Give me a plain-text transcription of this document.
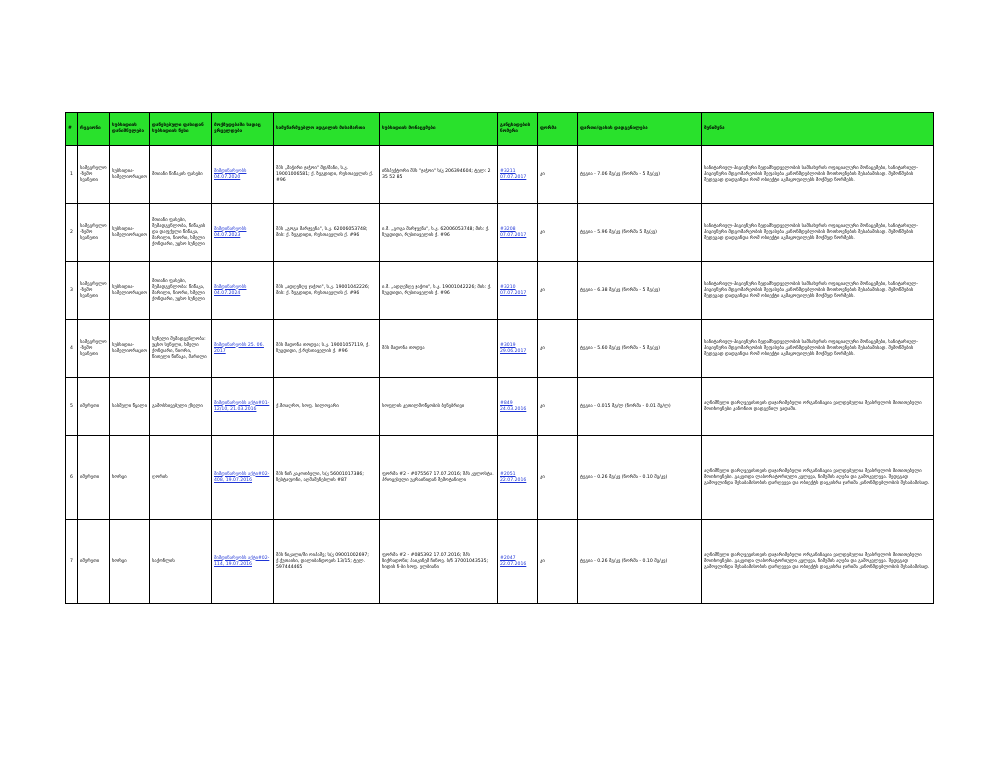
#	რეგიონი	სუბსიდიის დანიშნულება	დაწესებული ფასიდან სუბსიდიის წესი	მოქმედებაში სადაც ვრცელდება	სამეწარმეებლო ადგილის მისამართი	სუბსიდიის მონაცემები	განცხადების ნომერი	ფორმა	ფართი/ფასის დადგენილება	შენიშვნა
1	სამეგრელო-ზემო სვანეთი	სუბსიდია- სამელიორაციო	მთიანი წიწაკის ფასები	მიმდინარეობს 04.07.2020	შპს „მაჭირი ჯაჭოი" მდ/მანი, ს.კ. 19001006581; ქ. ზუგდიდი, რუსთაველის ქ. #96	ინსპექტორი შპს "ჯაჭოი" ს/კ 206394604; ტელ: 2 35 52 85	#3211 07.07.2017	კი	ტეგია - 7.06 მგ/კვ (ნორმა - 5 მგ/კვ)	სანიტარიულ-ჰიგიენური ზედამხედველობის სამსახურის ოფიციალური მონაცემები, სანიტარიულ-ჰიგიენური მდგომარეობის შეფასება კანონმდებლობის მოთხოვნების შესაბამისად. შემოწმების შედეგად დადგინდა რომ ობიექტი აკმაყოფილებს მოქმედ ნორმებს.
2	სამეგრელო-ზემო სვანეთი	სუბსიდია- სამელიორაციო	მთიანი ფასები, შემადგენლობა, წიწაკის და დაფქული წიწაკა, მარილი, ნიორი, ხმელი ქონდარი, უცხო სუნელი	მიმდინარეობს 04.07.2023	შპს „გოგა მარჯვენა", ს.კ. 62006053748; მის: ქ. ზუგდიდი, რუსთაველის ქ. #96	ი.მ. „გოგა მარჯვენა", ს.კ. 62006053748; მის: ქ. ზუგდიდი, რუსთაველის ქ. #96	#3208 07.07.2017	კი	ტეგია - 5.96 მგ/კვ (ნორმა 5 მგ/კვ)	სანიტარიულ-ჰიგიენური ზედამხედველობის სამსახურის ოფიციალური მონაცემები, სანიტარიულ-ჰიგიენური მდგომარეობის შეფასება კანონმდებლობის მოთხოვნების შესაბამისად. შემოწმების შედეგად დადგინდა რომ ობიექტი აკმაყოფილებს მოქმედ ნორმებს.
3	სამეგრელო-ზემო სვანეთი	სუბსიდია- სამელიორაციო	მთიანი ფასები, შემადგენლობა: წიწაკა, მარილი, ნიორი, ხმელი ქონდარი, უცხო სუნელი	მიმდინარეობს 04.07.2024	შპს „ადღეზღე ჯაჭოი", ს.კ. 19001042226; მის: ქ. ზუგდიდი, რუსთაველის ქ. #96	ი.მ. „ადღეზღე ჯაჭოი", ს.კ. 19001042226; მის: ქ. ზუგდიდი, რუსთაველის ქ. #96	#3210 07.07.2017	კი	ტეგია - 6.38 მგ/კვ (ნორმა - 5 მგ/კვ)	სანიტარიულ-ჰიგიენური ზედამხედველობის სამსახურის ოფიციალური მონაცემები, სანიტარიულ-ჰიგიენური მდგომარეობის შეფასება კანონმდებლობის მოთხოვნების შესაბამისად. შემოწმების შედეგად დადგინდა რომ ობიექტი აკმაყოფილებს მოქმედ ნორმებს.
4	სამეგრელო-ზემო სვანეთი	სუბსიდია- სამელიორაციო	სუნელი შემადგენლობა: უცხო სუნელი, ხმელი ქონდარი, ნიორი, წითელი წიწაკა, მარილი	მიმდინარეობს 25. 06. 2017	შპს მადონა თოდუა; ს.კ. 19001057119, ქ. ზუგდიდი, ქ.რუსთაველის ქ. #96	შპს მადონა თოდუა	#3019 29.06.2017	კი	ტეგია - 5.60 მგ/კვ (ნორმა - 5 მგ/კვ)	სანიტარიულ-ჰიგიენური ზედამხედველობის სამსახურის ოფიციალური მონაცემები, სანიტარიულ-ჰიგიენური მდგომარეობის შეფასება კანონმდებლობის მოთხოვნების შესაბამისად. შემოწმების შედეგად დადგინდა რომ ობიექტი აკმაყოფილებს მოქმედ ნორმებს.
5	იმერეთი	სასმელი წყალი	გამოსხივებული ქსელი	მიმდინარეობს აქტი#01-12/10, 21.03.2016	ქ.მთაღრო, სოფ. სილოვარი	სოფლის კეთილმოწყობის ბუნებრივი	#849 24.03.2016	კი	ტეგია - 0.015 მგ/ლ (ნორმა - 0.01 მგ/ლ)	აღნიშნული დარღვევისთვის დაჯარიმებული ორგანიზაცია ვალდებულია შეასრულოს მითითებული მოთხოვნები კანონით დადგენილ ვადაში.
6	იმერეთი	ხორცი	ღორის	მიმდინარეობს აქტი#02-408, 19.07.2016	შპს ნიჩ კაკოთბელი, ს/კ 56001017386; ზესტაფონი, აღმაშენებლის #87	ფორმა #2 - #075567 17.07.2016; შპს კელოსტა. პროცესული უკრაინიდან შემოტანილი	#2051 22.07.2016	კი	ტეგია - 0.26 მგ/კვ (ნორმა - 0.10 მგ/კვ)	აღნიშნული დარღვევისთვის დაჯარიმებული ორგანიზაცია ვალდებულია შეასრულოს მითითებული მოთხოვნები. გაკეთდა ლაბორატორიული კვლევა, ნიმუშის აღება და გამოკვლევა. შედეგად გამოვლინდა შესაბამისობის დარღვევა და ობიექტს დაეკისრა ჯარიმა კანონმდებლობის შესაბამისად.
7	იმერეთი	ხორცი	საქონლის	მიმდინარეობს აქტი#02-114, 19.07.2016	შპს ნიკალი/ში ოიპაშვ; ს/კ 09001002697; ქ.ქუთაისი, დალიბანდოვის 13/15; ტელ. 597444465	ფორმა #2 - #085392 17.07.2016; შპს ზიქრადონი; პაიკინემ ჩინოვ. ბ/ნ 37001043535; ხიდის ჩ-ბი სოფ. ელბიანი	#2047 22.07.2016	კი	ტეგია - 0.26 მგ/კვ (ნორმა - 0.10 მგ/კვ)	აღნიშნული დარღვევისთვის დაჯარიმებული ორგანიზაცია ვალდებულია შეასრულოს მითითებული მოთხოვნები. გაკეთდა ლაბორატორიული კვლევა, ნიმუშის აღება და გამოკვლევა. შედეგად გამოვლინდა შესაბამისობის დარღვევა და ობიექტს დაეკისრა ჯარიმა კანონმდებლობის შესაბამისად.
